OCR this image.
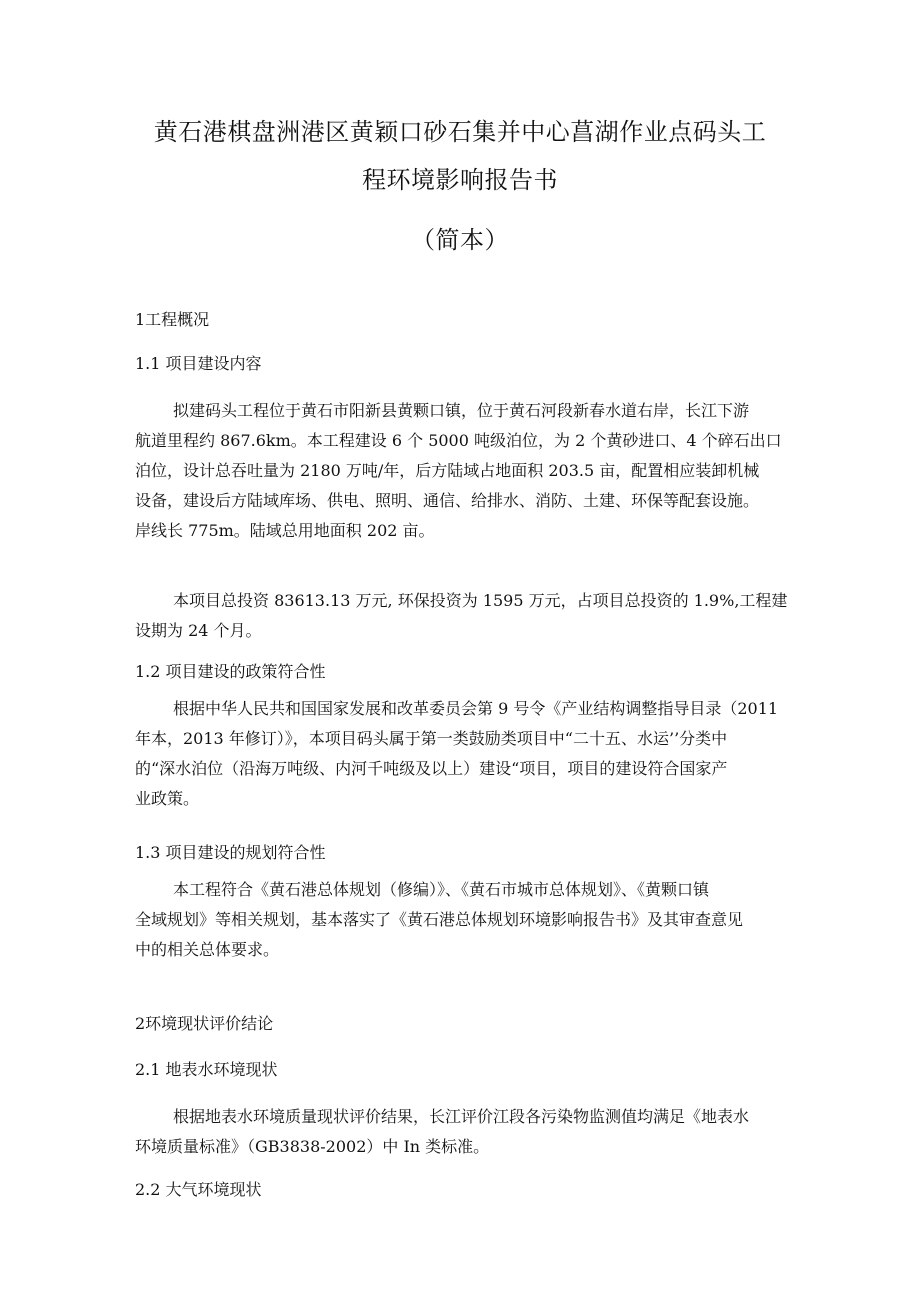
黄石港棋盘洲港区黄颖口砂石集并中心菖湖作业点码头工
程环境影响报告书
（简本）
1工程概况
1.1 项目建设内容
拟建码头工程位于黄石市阳新县黄颗口镇，位于黄石河段新春水道右岸，长江下游
航道里程约 867.6km。本工程建设 6 个 5000 吨级泊位，为 2 个黄砂进口、4 个碎石出口
泊位，设计总吞吐量为 2180 万吨/年，后方陆域占地面积 203.5 亩，配置相应装卸机械
设备，建设后方陆域库场、供电、照明、通信、给排水、消防、土建、环保等配套设施。
岸线长 775m。陆域总用地面积 202 亩。
本项目总投资 83613.13 万元, 环保投资为 1595 万元，占项目总投资的 1.9%,工程建
设期为 24 个月。
1.2 项目建设的政策符合性
根据中华人民共和国国家发展和改革委员会第 9 号令《产业结构调整指导目录（2011
年本，2013 年修订）》，本项目码头属于第一类鼓励类项目中“二十五、水运’’分类中
的“深水泊位（沿海万吨级、内河千吨级及以上）建设“项目，项目的建设符合国家产
业政策。
1.3 项目建设的规划符合性
本工程符合《黄石港总体规划（修编）》、《黄石市城市总体规划》、《黄颗口镇
全域规划》等相关规划，基本落实了《黄石港总体规划环境影响报告书》及其审查意见
中的相关总体要求。
2环境现状评价结论
2.1 地表水环境现状
根据地表水环境质量现状评价结果，长江评价江段各污染物监测值均满足《地表水
环境质量标准》（GB3838-2002）中 In 类标准。
2.2 大气环境现状
